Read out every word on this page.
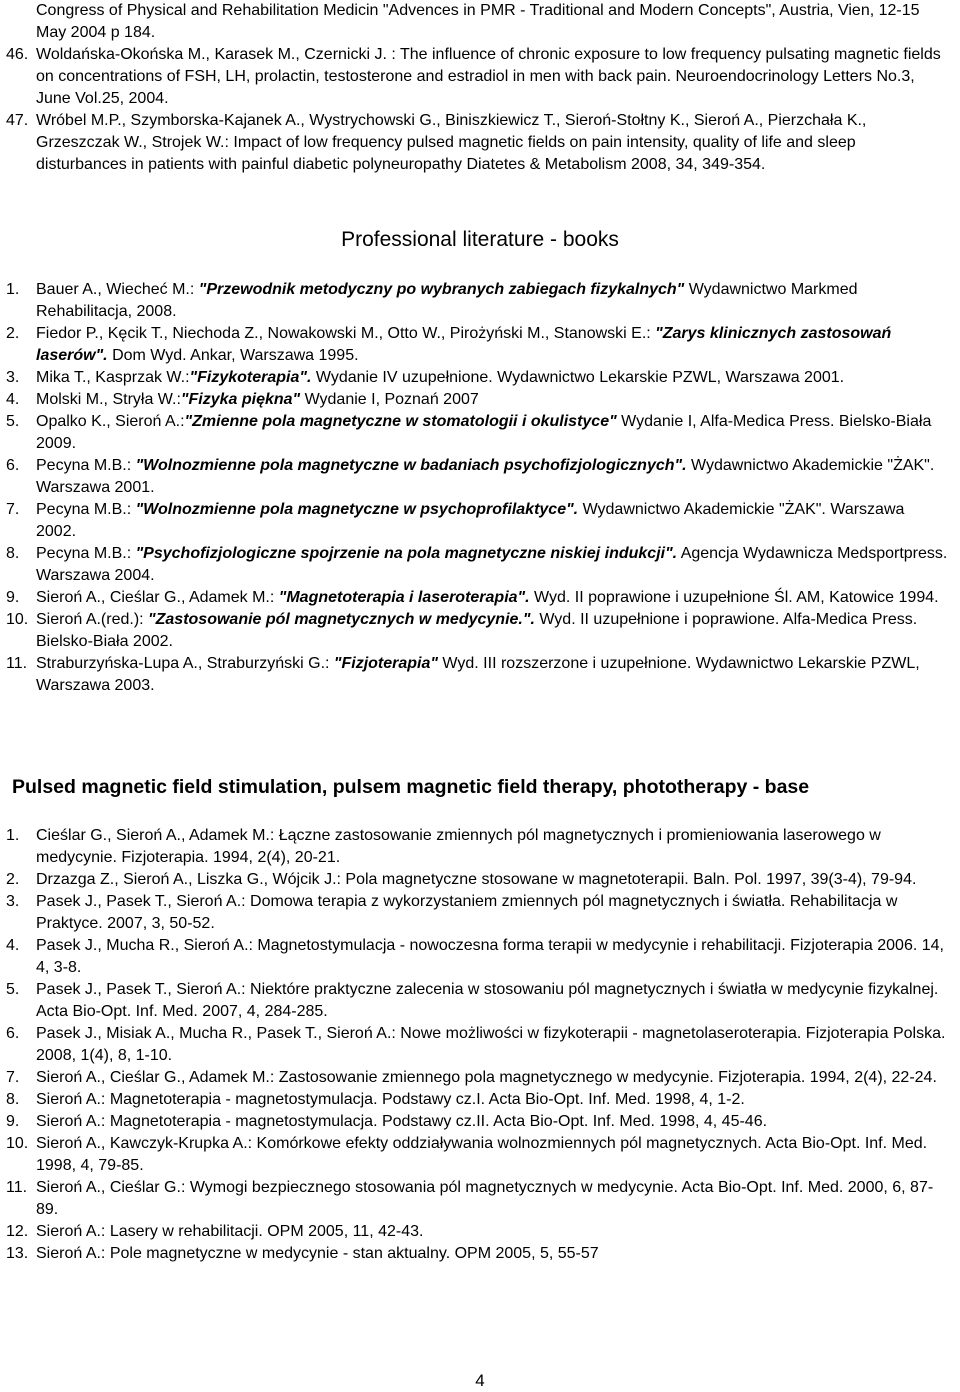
Congress of Physical and Rehabilitation Medicin "Advences in PMR - Traditional and Modern Concepts", Austria, Vien, 12-15 May 2004 p 184.
46. Woldańska-Okońska M., Karasek M., Czernicki J. : The influence of chronic exposure to low frequency pulsating magnetic fields on concentrations of FSH, LH, prolactin, testosterone and estradiol in men with back pain. Neuroendocrinology Letters No.3, June Vol.25, 2004.
47. Wróbel M.P., Szymborska-Kajanek A., Wystrychowski G., Biniszkiewicz T., Sieroń-Stołtny K., Sieroń A., Pierzchała K., Grzeszczak W., Strojek W.: Impact of low frequency pulsed magnetic fields on pain intensity, quality of life and sleep disturbances in patients with painful diabetic polyneuropathy Diatetes & Metabolism 2008, 34, 349-354.
Professional literature - books
1.	Bauer A., Wiecheć M.: "Przewodnik metodyczny po wybranych zabiegach fizykalnych" Wydawnictwo Markmed Rehabilitacja, 2008.
2.	Fiedor P., Kęcik T., Niechoda Z., Nowakowski M., Otto W., Pirożyński M., Stanowski E.: "Zarys klinicznych zastosowań laserów". Dom Wyd. Ankar, Warszawa 1995.
3.	Mika T., Kasprzak W.:"Fizykoterapia". Wydanie IV uzupełnione. Wydawnictwo Lekarskie PZWL, Warszawa 2001.
4.	Molski M., Stryła W.:"Fizyka piękna" Wydanie I, Poznań 2007
5.	Opalko K., Sieroń A.:"Zmienne pola magnetyczne w stomatologii i okulistyce" Wydanie I, Alfa-Medica Press. Bielsko-Biała 2009.
6.	Pecyna M.B.: "Wolnozmienne pola magnetyczne w badaniach psychofizjologicznych". Wydawnictwo Akademickie "ŻAK". Warszawa 2001.
7.	Pecyna M.B.: "Wolnozmienne pola magnetyczne w psychoprofilaktyce". Wydawnictwo Akademickie "ŻAK". Warszawa 2002.
8.	Pecyna M.B.: "Psychofizjologiczne spojrzenie na pola magnetyczne niskiej indukcji". Agencja Wydawnicza Medsportpress. Warszawa 2004.
9.	Sieroń A., Cieślar G., Adamek M.: "Magnetoterapia i laseroterapia". Wyd. II poprawione i uzupełnione Śl. AM, Katowice 1994.
10. Sieroń A.(red.): "Zastosowanie pól magnetycznych w medycynie.". Wyd. II uzupełnione i poprawione. Alfa-Medica Press. Bielsko-Biała 2002.
11. Straburzyńska-Lupa A., Straburzyński G.: "Fizjoterapia" Wyd. III rozszerzone i uzupełnione. Wydawnictwo Lekarskie PZWL, Warszawa 2003.
Pulsed magnetic field stimulation, pulsem magnetic field therapy, phototherapy - base
1.	Cieślar G., Sieroń A., Adamek M.: Łączne zastosowanie zmiennych pól magnetycznych i promieniowania laserowego w medycynie. Fizjoterapia. 1994, 2(4), 20-21.
2.	Drzazga Z., Sieroń A., Liszka G., Wójcik J.: Pola magnetyczne stosowane w magnetoterapii. Baln. Pol. 1997, 39(3-4), 79-94.
3.	Pasek J., Pasek T., Sieroń A.: Domowa terapia z wykorzystaniem zmiennych pól magnetycznych i światła. Rehabilitacja w Praktyce. 2007, 3, 50-52.
4.	Pasek J., Mucha R., Sieroń A.: Magnetostymulacja - nowoczesna forma terapii w medycynie i rehabilitacji. Fizjoterapia 2006. 14, 4, 3-8.
5.	Pasek J., Pasek T., Sieroń A.: Niektóre praktyczne zalecenia w stosowaniu pól magnetycznych i światła w medycynie fizykalnej. Acta Bio-Opt. Inf. Med. 2007, 4, 284-285.
6.	Pasek J., Misiak A., Mucha R., Pasek T., Sieroń A.: Nowe możliwości w fizykoterapii - magnetolaseroterapia. Fizjoterapia Polska. 2008, 1(4), 8, 1-10.
7.	Sieroń A., Cieślar G., Adamek M.: Zastosowanie zmiennego pola magnetycznego w medycynie. Fizjoterapia. 1994, 2(4), 22-24.
8.	Sieroń A.: Magnetoterapia - magnetostymulacja. Podstawy cz.I. Acta Bio-Opt. Inf. Med. 1998, 4, 1-2.
9.	Sieroń A.: Magnetoterapia - magnetostymulacja. Podstawy cz.II. Acta Bio-Opt. Inf. Med. 1998, 4, 45-46.
10. Sieroń A., Kawczyk-Krupka A.: Komórkowe efekty oddziaływania wolnozmiennych pól magnetycznych. Acta Bio-Opt. Inf. Med. 1998, 4, 79-85.
11. Sieroń A., Cieślar G.: Wymogi bezpiecznego stosowania pól magnetycznych w medycynie. Acta Bio-Opt. Inf. Med. 2000, 6, 87-89.
12. Sieroń A.: Lasery w rehabilitacji. OPM 2005, 11, 42-43.
13. Sieroń A.: Pole magnetyczne w medycynie - stan aktualny. OPM 2005, 5, 55-57
4
